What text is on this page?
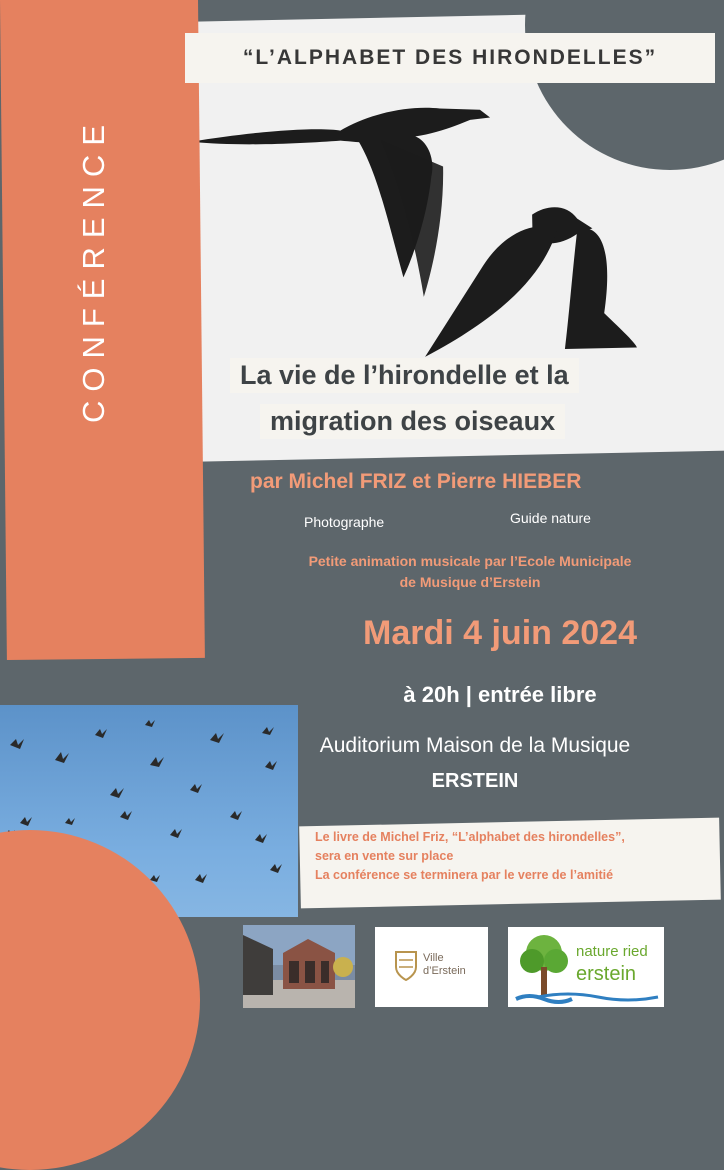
CONFÉRENCE
“L’ALPHABET DES HIRONDELLES”
La vie de l’hirondelle et la
migration des oiseaux
par Michel FRIZ et Pierre HIEBER
Photographe	Guide nature
Petite animation musicale par l’Ecole Municipale
de Musique d’Erstein
Mardi 4 juin 2024
à 20h | entrée libre
Auditorium Maison de la Musique
ERSTEIN
Le livre de Michel Friz, “L’alphabet des hirondelles”,
sera en vente sur place
La conférence se terminera par le verre de l’amitié
Ville
d’Erstein
nature ried
erstein
